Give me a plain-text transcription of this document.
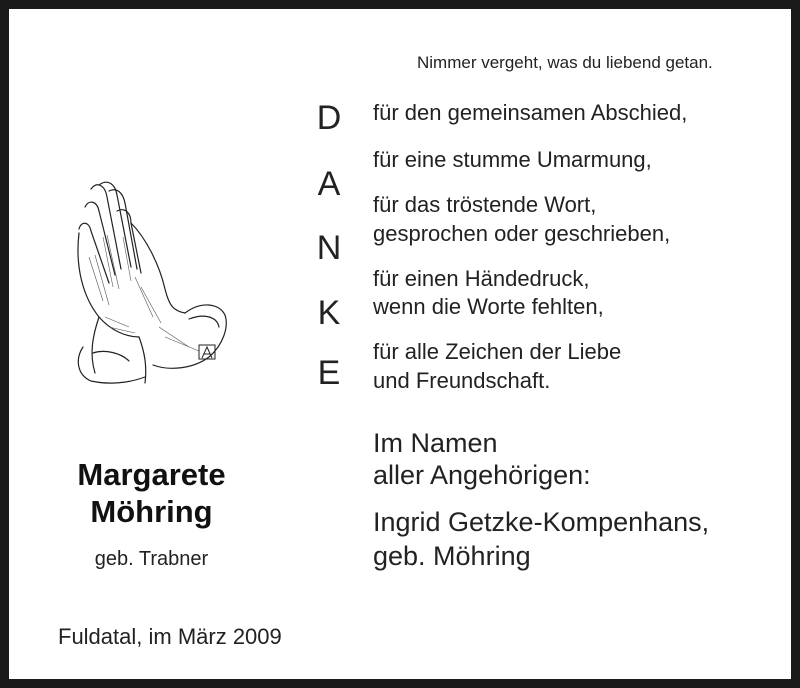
Nimmer vergeht, was du liebend getan.
D
A
N
K
E
für den gemeinsamen Abschied,
für eine stumme Umarmung,
für das tröstende Wort,
gesprochen oder geschrieben,
für einen Händedruck,
wenn die Worte fehlten,
für alle Zeichen der Liebe
und Freundschaft.
Im Namen
aller Angehörigen:
Ingrid Getzke-Kompenhans,
geb. Möhring
Margarete
Möhring
geb. Trabner
Fuldatal, im März 2009
